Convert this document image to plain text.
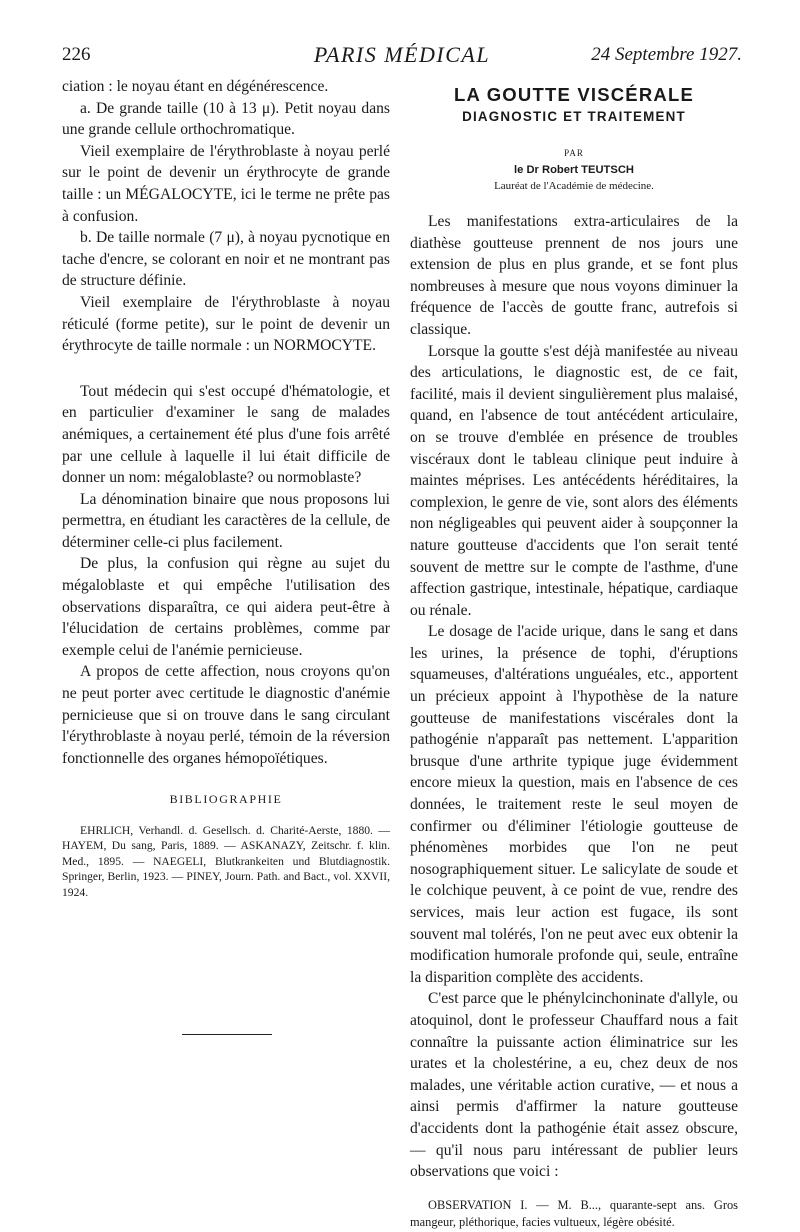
226	PARIS MÉDICAL	24 Septembre 1927.

ciation : le noyau étant en dégénérescence.

a. De grande taille (10 à 13 μ). Petit noyau dans une grande cellule orthochromatique.

Vieil exemplaire de l'érythroblaste à noyau perlé sur le point de devenir un érythrocyte de grande taille : un MÉGALOCYTE, ici le terme ne prête pas à confusion.

b. De taille normale (7 μ), à noyau pycnotique en tache d'encre, se colorant en noir et ne montrant pas de structure définie.

Vieil exemplaire de l'érythroblaste à noyau réticulé (forme petite), sur le point de devenir un érythrocyte de taille normale : un NORMOCYTE.

Tout médecin qui s'est occupé d'hématologie, et en particulier d'examiner le sang de malades anémiques, a certainement été plus d'une fois arrêté par une cellule à laquelle il lui était difficile de donner un nom: mégaloblaste? ou normoblaste?

La dénomination binaire que nous proposons lui permettra, en étudiant les caractères de la cellule, de déterminer celle-ci plus facilement.

De plus, la confusion qui règne au sujet du mégaloblaste et qui empêche l'utilisation des observations disparaîtra, ce qui aidera peut-être à l'élucidation de certains problèmes, comme par exemple celui de l'anémie pernicieuse.

A propos de cette affection, nous croyons qu'on ne peut porter avec certitude le diagnostic d'anémie pernicieuse que si on trouve dans le sang circulant l'érythroblaste à noyau perlé, témoin de la réversion fonctionnelle des organes hémopoïétiques.

BIBLIOGRAPHIE

EHRLICH, Verhandl. d. Gesellsch. d. Charité-Aerste, 1880. — HAYEM, Du sang, Paris, 1889. — ASKANAZY, Zeitschr. f. klin. Med., 1895. — NAEGELI, Blutkrankeiten und Blutdiagnostik. Springer, Berlin, 1923. — PINEY, Journ. Path. and Bact., vol. XXVII, 1924.

LA GOUTTE VISCÉRALE
DIAGNOSTIC ET TRAITEMENT
PAR
le Dr Robert TEUTSCH
Lauréat de l'Académie de médecine.

Les manifestations extra-articulaires de la diathèse goutteuse prennent de nos jours une extension de plus en plus grande, et se font plus nombreuses à mesure que nous voyons diminuer la fréquence de l'accès de goutte franc, autrefois si classique.

Lorsque la goutte s'est déjà manifestée au niveau des articulations, le diagnostic est, de ce fait, facilité, mais il devient singulièrement plus malaisé, quand, en l'absence de tout antécédent articulaire, on se trouve d'emblée en présence de troubles viscéraux dont le tableau clinique peut induire à maintes méprises. Les antécédents héréditaires, la complexion, le genre de vie, sont alors des éléments non négligeables qui peuvent aider à soupçonner la nature goutteuse d'accidents que l'on serait tenté souvent de mettre sur le compte de l'asthme, d'une affection gastrique, intestinale, hépatique, cardiaque ou rénale.

Le dosage de l'acide urique, dans le sang et dans les urines, la présence de tophi, d'éruptions squameuses, d'altérations unguéales, etc., apportent un précieux appoint à l'hypothèse de la nature goutteuse de manifestations viscérales dont la pathogénie n'apparaît pas nettement. L'apparition brusque d'une arthrite typique juge évidemment encore mieux la question, mais en l'absence de ces données, le traitement reste le seul moyen de confirmer ou d'éliminer l'étiologie goutteuse de phénomènes morbides que l'on ne peut nosographiquement situer. Le salicylate de soude et le colchique peuvent, à ce point de vue, rendre des services, mais leur action est fugace, ils sont souvent mal tolérés, l'on ne peut avec eux obtenir la modification humorale profonde qui, seule, entraîne la disparition complète des accidents.

C'est parce que le phénylcinchoninate d'allyle, ou atoquinol, dont le professeur Chauffard nous a fait connaître la puissante action éliminatrice sur les urates et la cholestérine, a eu, chez deux de nos malades, une véritable action curative, — et nous a ainsi permis d'affirmer la nature goutteuse d'accidents dont la pathogénie était assez obscure, — qu'il nous paru intéressant de publier leurs observations que voici :

OBSERVATION I. — M. B..., quarante-sept ans. Gros mangeur, pléthorique, facies vultueux, légère obésité.
